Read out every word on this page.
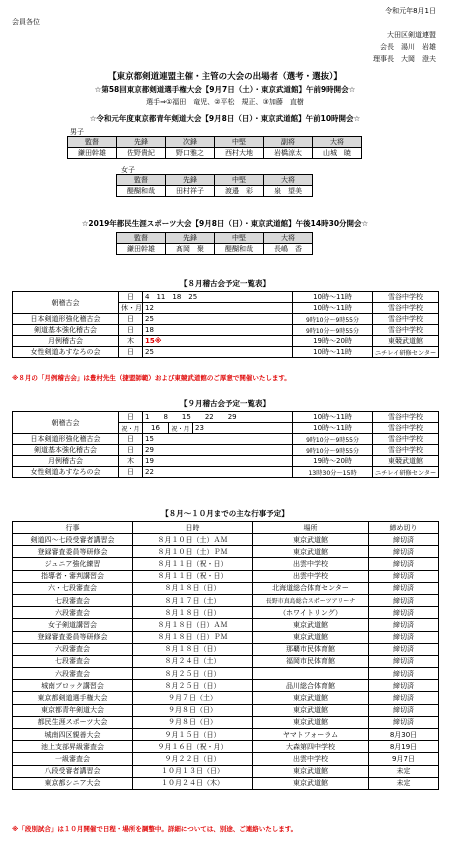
令和元年8月1日
会員各位
大田区剣道連盟
会長　湯川　岩雄
理事長　大岡　澄夫
【東京都剣道連盟主催・主管の大会の出場者（選考・選抜）】
☆第58回東京都剣道選手権大会【9月7日（土）・東京武道館】午前9時開会☆
選手⇒①福田　竜児、②平松　規正、③加藤　直樹
☆令和元年度東京都青年剣道大会【9月8日（日）・東京武道館】午前10時開会☆
男子
監督	先鋒	次鋒	中堅	副将	大将
鎌田幹雄	佐野貴紀	野口雅之	西村大地	岩橋涼太	山城　暁
女子
監督	先鋒	中堅	大将
醍醐和哉	田村祥子	渡邉　彩	泉　望美
☆2019年都民生涯スポーツ大会【9月8日（日）・東京武道館】午後14時30分開会☆
監督	先鋒	中堅	大将
鎌田幹雄	髙岡　聚	醍醐和哉	長嶋　香
【８月稽古会予定一覧表】
朝稽古会	日	4　11　18　25	10時～11時	雪谷中学校
	休・月	12	10時～11時	雪谷中学校
日本剣道形強化稽古会	日	25	9時10分～9時55分	雪谷中学校
剣道基本強化稽古会	日	18	9時10分～9時55分	雪谷中学校
月例稽古会	木	15※	19時～20時	東競武道館
女性剣道あすなろの会	日	25	10時～11時	ニチレイ研修センター
※８月の「月例稽古会」は豊村先生（捷盟師範）および東競武道館のご厚意で開催いたします。
【９月稽古会予定一覧表】
朝稽古会	日	1　　8　　15　　22　　29			10時～11時	雪谷中学校
	祝・月	16	祝・月	23	10時～11時	雪谷中学校
日本剣道形強化稽古会	日	15			9時10分～9時55分	雪谷中学校
剣道基本強化稽古会	日	29			9時10分～9時55分	雪谷中学校
月例稽古会	木	19			19時～20時	東競武道館
女性剣道あすなろの会	日	22			13時30分～15時	ニチレイ研修センター
【８月～１０月までの主な行事予定】
行事	日時	場所	締め切り
剣道四～七段受審者講習会	８月１０日（土）ＡＭ	東京武道館	締切済
登録審査委員等研修会	８月１０日（土）ＰＭ	東京武道館	締切済
ジュニア強化練習	８月１１日（祝・日）	出雲中学校	締切済
指導者・審判講習会	８月１１日（祝・日）	出雲中学校	締切済
六・七段審査会	８月１８日（日）	北海道総合体育センター	締切済
七段審査会	８月１７日（土）	長野市真島総合スポーツアリーナ	締切済
六段審査会	８月１８日（日）	（ホワイトリング）	締切済
女子剣道講習会	８月１８日（日）ＡＭ	東京武道館	締切済
登録審査委員等研修会	８月１８日（日）ＰＭ	東京武道館	締切済
六段審査会	８月１８日（日）	那覇市民体育館	締切済
七段審査会	８月２４日（土）	福岡市民体育館	締切済
六段審査会	８月２５日（日）		締切済
城南ブロック講習会	８月２５日（日）	品川総合体育館	締切済
東京都剣道選手権大会	９月７日（土）	東京武道館	締切済
東京都青年剣道大会	９月８日（日）	東京武道館	締切済
都民生涯スポーツ大会	９月８日（日）	東京武道館	締切済
城南四区親善大会	９月１５日（日）	ヤマトフォーラム	8月30日
池上支部昇級審査会	９月１６日（祝・月）	大森第四中学校	8月19日
一級審査会	９月２２日（日）	出雲中学校	9月7日
八段受審者講習会	１０月１３日（日）	東京武道館	未定
東京都シニア大会	１０月２４日（木）	東京武道館	未定
※「段別試合」は１０月開催で日程・場所を調整中。詳細については、別途、ご連絡いたします。
